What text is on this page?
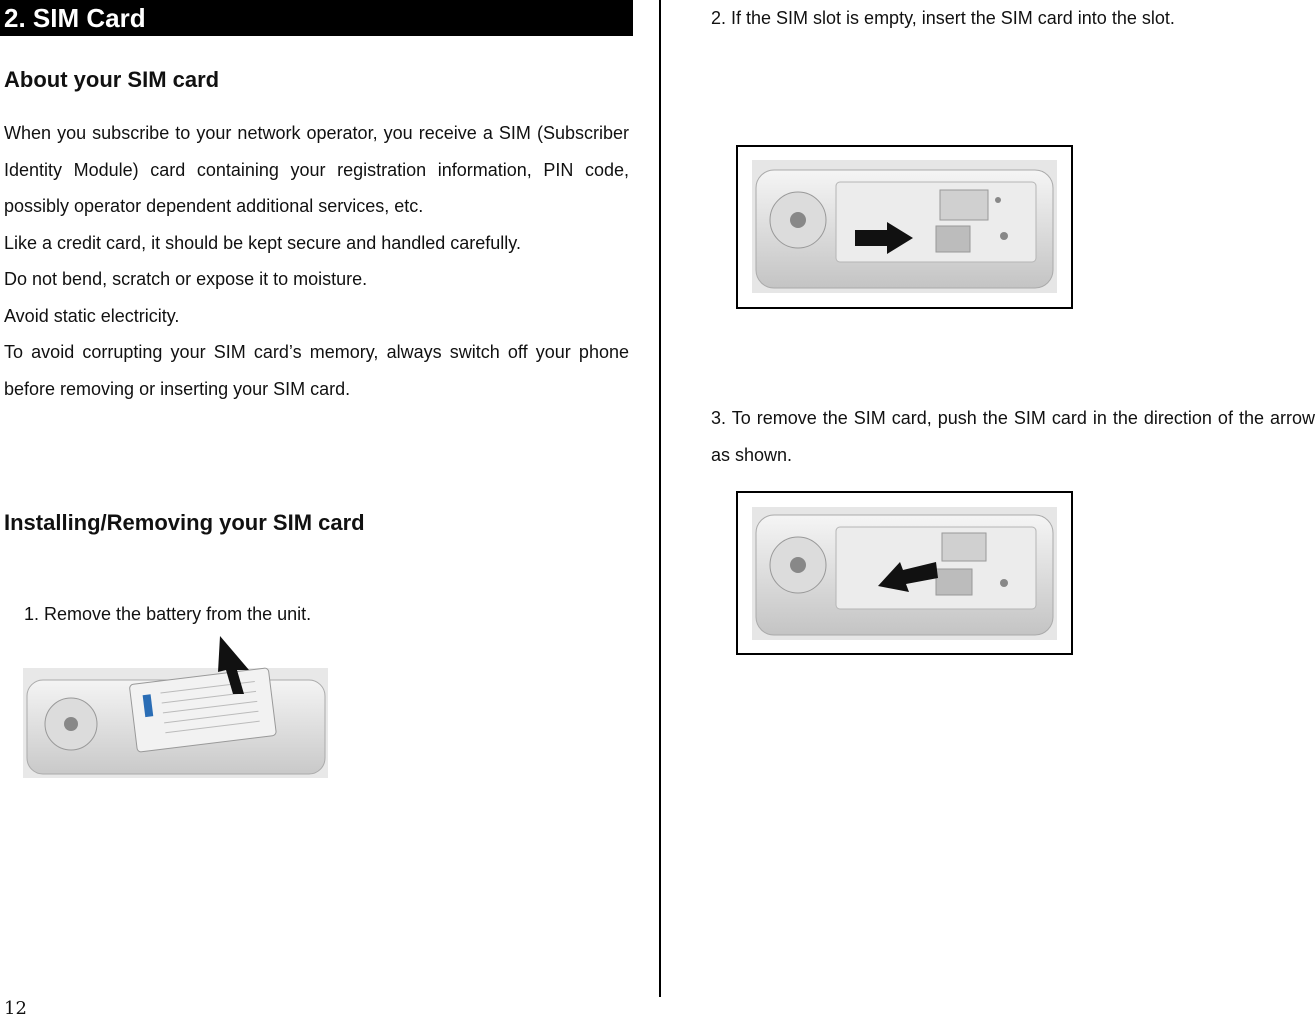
2. SIM Card
About your SIM card

When you subscribe to your network operator, you receive a SIM (Subscriber Identity Module) card containing your registration information, PIN code, possibly operator dependent additional services, etc.

Like a credit card, it should be kept secure and handled carefully.

Do not bend, scratch or expose it to moisture.

Avoid static electricity.

To avoid corrupting your SIM card’s memory, always switch off your phone before removing or inserting your SIM card.

Installing/Removing your SIM card
1. Remove the battery from the unit.
2. If the SIM slot is empty, insert the SIM card into the slot.
3. To remove the SIM card, push the SIM card in the direction of the arrow as shown.
12
